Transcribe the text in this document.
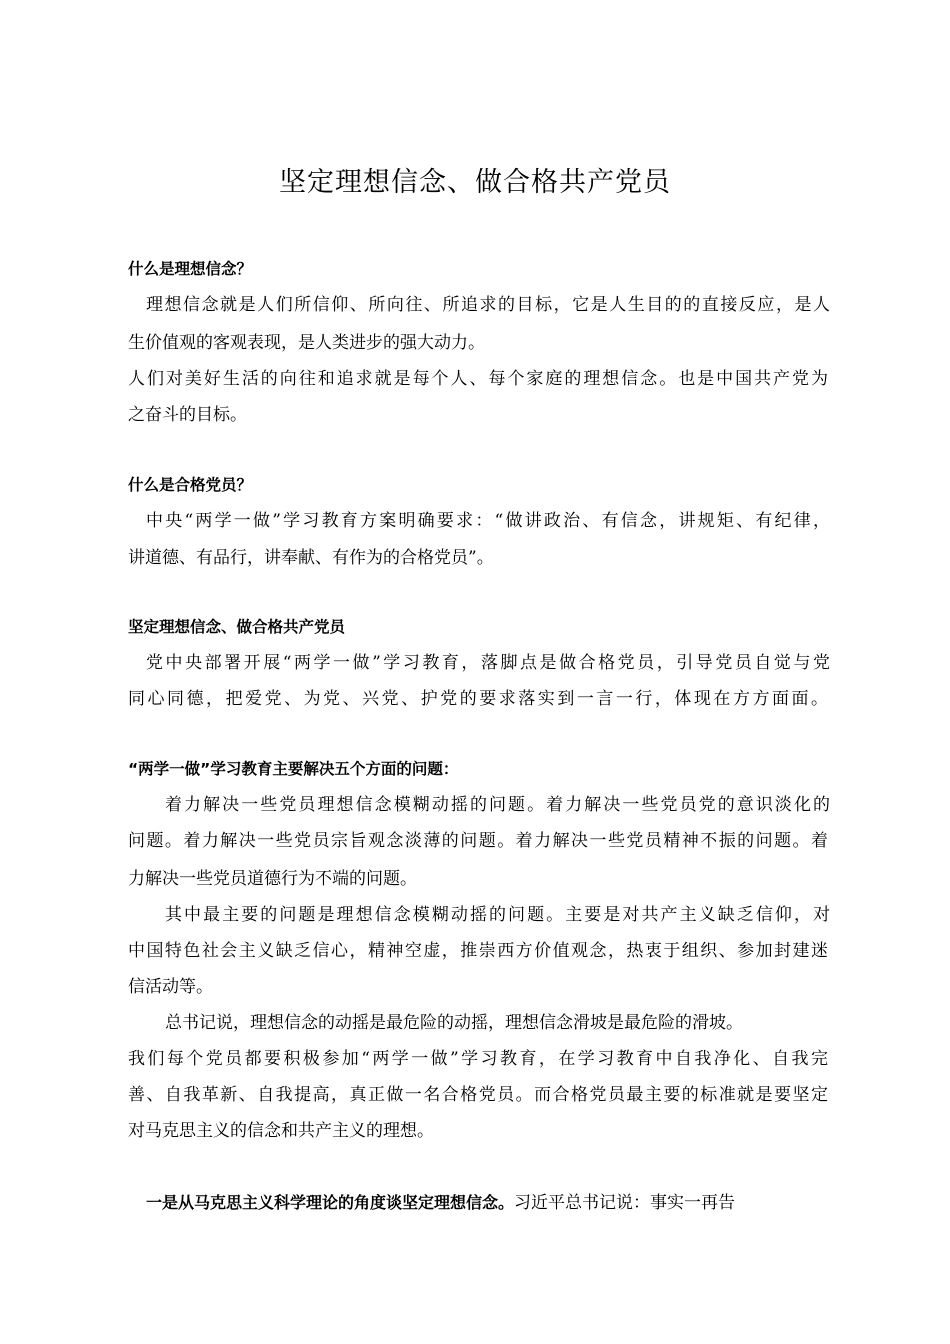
坚定理想信念、做合格共产党员

什么是理想信念？

理想信念就是人们所信仰、所向往、所追求的目标，它是人生目的的直接反应，是人

生价值观的客观表现，是人类进步的强大动力。

人们对美好生活的向往和追求就是每个人、每个家庭的理想信念。也是中国共产党为

之奋斗的目标。

什么是合格党员？

中央“两学一做”学习教育方案明确要求：“做讲政治、有信念，讲规矩、有纪律，

讲道德、有品行，讲奉献、有作为的合格党员”。

坚定理想信念、做合格共产党员

党中央部署开展“两学一做”学习教育，落脚点是做合格党员，引导党员自觉与党

同心同德，把爱党、为党、兴党、护党的要求落实到一言一行，体现在方方面面。

“两学一做”学习教育主要解决五个方面的问题：

着力解决一些党员理想信念模糊动摇的问题。着力解决一些党员党的意识淡化的

问题。着力解决一些党员宗旨观念淡薄的问题。着力解决一些党员精神不振的问题。着

力解决一些党员道德行为不端的问题。

其中最主要的问题是理想信念模糊动摇的问题。主要是对共产主义缺乏信仰，对

中国特色社会主义缺乏信心，精神空虚，推崇西方价值观念，热衷于组织、参加封建迷

信活动等。

总书记说，理想信念的动摇是最危险的动摇，理想信念滑坡是最危险的滑坡。

我们每个党员都要积极参加“两学一做”学习教育，在学习教育中自我净化、自我完

善、自我革新、自我提高，真正做一名合格党员。而合格党员最主要的标准就是要坚定

对马克思主义的信念和共产主义的理想。

一是从马克思主义科学理论的角度谈坚定理想信念。习近平总书记说：事实一再告
